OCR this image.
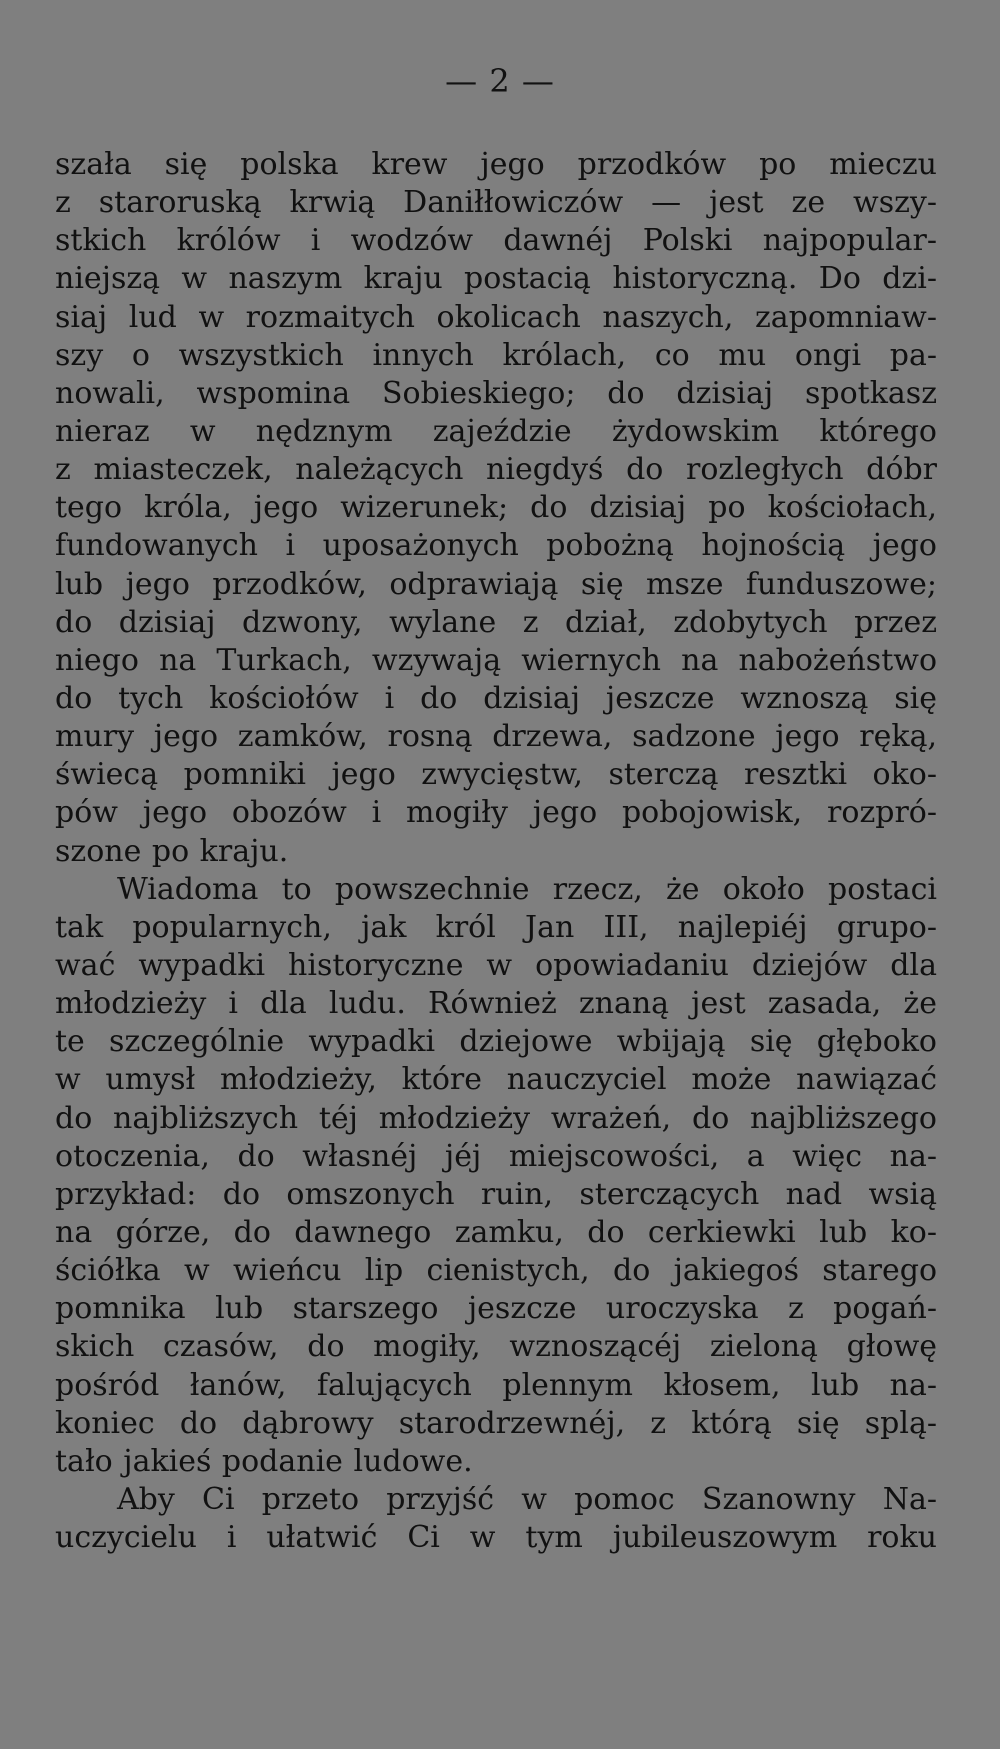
— 2 —
szała się polska krew jego przodków po mieczu
z staroruską krwią Daniłłowiczów — jest ze wszy-
stkich królów i wodzów dawnéj Polski najpopular-
niejszą w naszym kraju postacią historyczną. Do dzi-
siaj lud w rozmaitych okolicach naszych, zapomniaw-
szy o wszystkich innych królach, co mu ongi pa-
nowali, wspomina Sobieskiego; do dzisiaj spotkasz
nieraz w nędznym zajeździe żydowskim którego
z miasteczek, należących niegdyś do rozległych dóbr
tego króla, jego wizerunek; do dzisiaj po kościołach,
fundowanych i uposażonych pobożną hojnością jego
lub jego przodków, odprawiają się msze funduszowe;
do dzisiaj dzwony, wylane z dział, zdobytych przez
niego na Turkach, wzywają wiernych na nabożeństwo
do tych kościołów i do dzisiaj jeszcze wznoszą się
mury jego zamków, rosną drzewa, sadzone jego ręką,
świecą pomniki jego zwycięstw, sterczą resztki oko-
pów jego obozów i mogiły jego pobojowisk, rozpró-
szone po kraju.
Wiadoma to powszechnie rzecz, że około postaci
tak popularnych, jak król Jan III, najlepiéj grupo-
wać wypadki historyczne w opowiadaniu dziejów dla
młodzieży i dla ludu. Również znaną jest zasada, że
te szczególnie wypadki dziejowe wbijają się głęboko
w umysł młodzieży, które nauczyciel może nawiązać
do najbliższych téj młodzieży wrażeń, do najbliższego
otoczenia, do własnéj jéj miejscowości, a więc na-
przykład: do omszonych ruin, sterczących nad wsią
na górze, do dawnego zamku, do cerkiewki lub ko-
ściółka w wieńcu lip cienistych, do jakiegoś starego
pomnika lub starszego jeszcze uroczyska z pogań-
skich czasów, do mogiły, wznoszącéj zieloną głowę
pośród łanów, falujących plennym kłosem, lub na-
koniec do dąbrowy starodrzewnéj, z którą się splą-
tało jakieś podanie ludowe.
Aby Ci przeto przyjść w pomoc Szanowny Na-
uczycielu i ułatwić Ci w tym jubileuszowym roku
